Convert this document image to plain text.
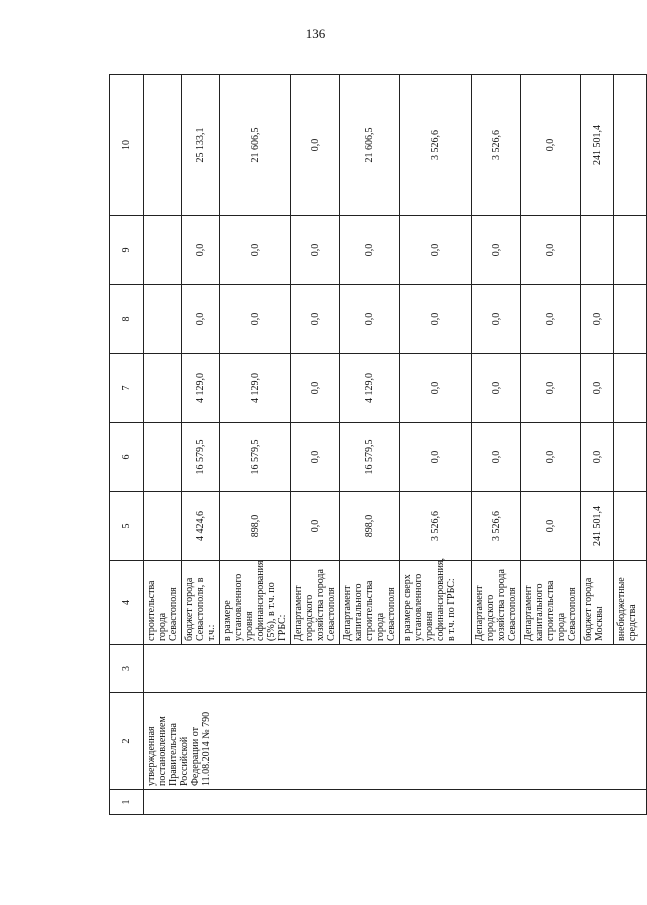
136
1	2	3	4	5	6	7	8	9	10
	утвержденная постановлением Правительства Российской Федерации от 11.08.2014 № 790		строительства города Севастополя						
			бюджет города Севастополя, в т.ч.:	4 424,6	16 579,5	4 129,0	0,0	0,0	25 133,1
			в размере установленного уровня софинансирования (5%), в т.ч. по ГРБС:	898,0	16 579,5	4 129,0	0,0	0,0	21 606,5
			Департамент городского хозяйства города Севастополя	0,0	0,0	0,0	0,0	0,0	0,0
			Департамент капитального строительства города Севастополя	898,0	16 579,5	4 129,0	0,0	0,0	21 606,5
			в размере сверх установленного уровня софинансирования, в т.ч. по ГРБС:	3 526,6	0,0	0,0	0,0	0,0	3 526,6
			Департамент городского хозяйства города Севастополя	3 526,6	0,0	0,0	0,0	0,0	3 526,6
			Департамент капитального строительства города Севастополя	0,0	0,0	0,0	0,0	0,0	0,0
			бюджет города Москвы	241 501,4	0,0	0,0	0,0		241 501,4
			внебюджетные средства						
